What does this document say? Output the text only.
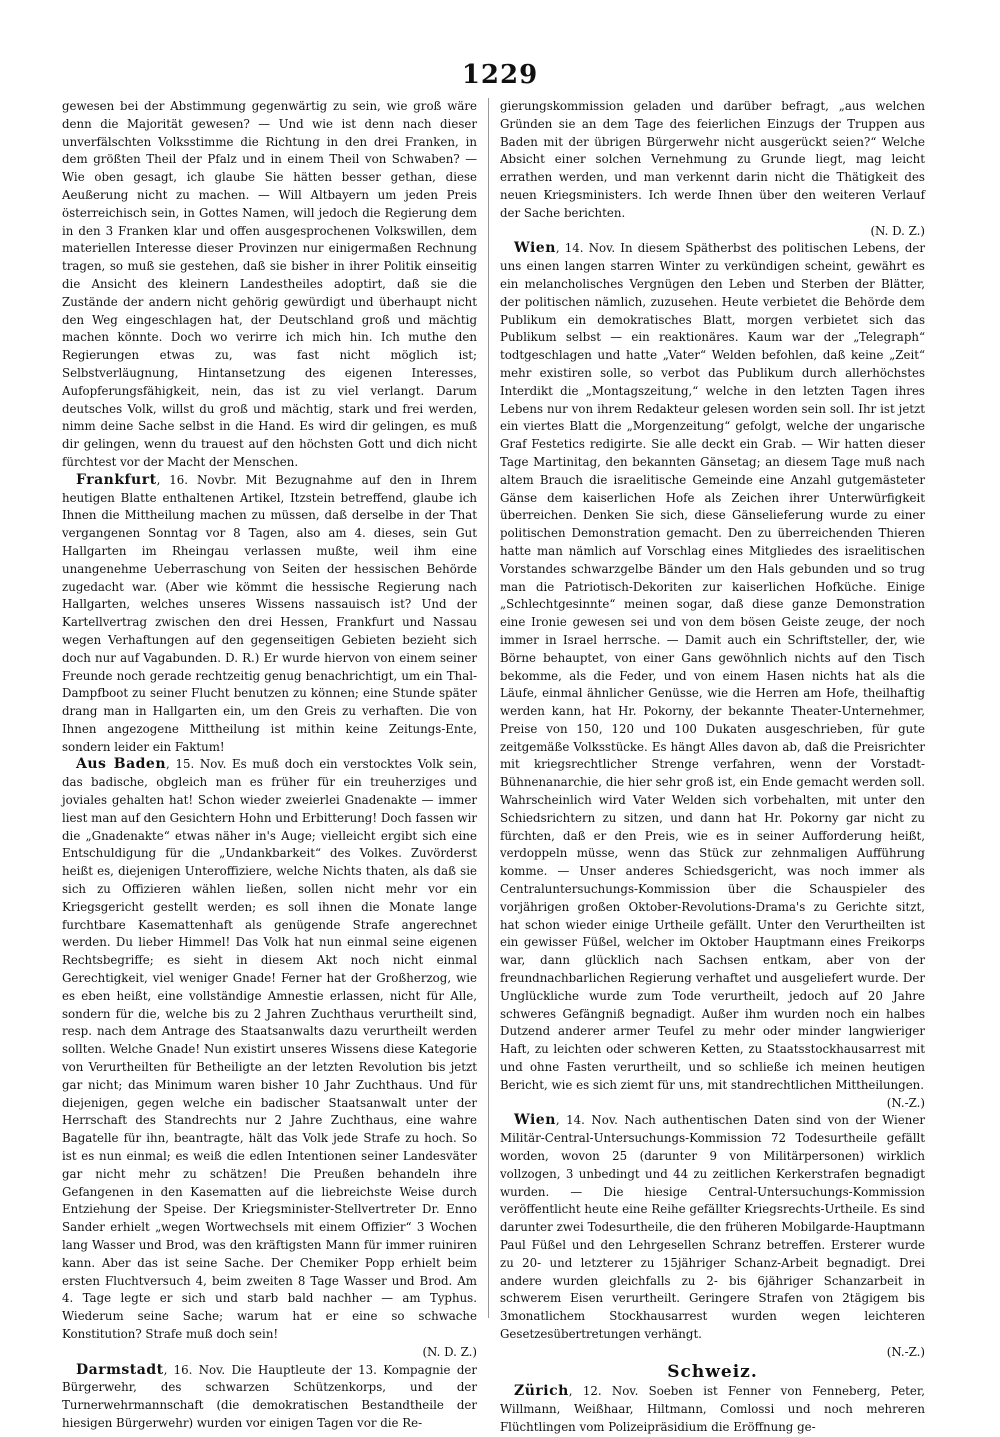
1229

gewesen bei der Abstimmung gegenwärtig zu sein, wie groß wäre denn die Majorität gewesen? — Und wie ist denn nach dieser unverfälschten Volksstimme die Richtung in den drei Franken, in dem größten Theil der Pfalz und in einem Theil von Schwaben? — Wie oben gesagt, ich glaube Sie hätten besser gethan, diese Aeußerung nicht zu machen. — Will Altbayern um jeden Preis österreichisch sein, in Gottes Namen, will jedoch die Regierung dem in den 3 Franken klar und offen ausgesprochenen Volkswillen, dem materiellen Interesse dieser Provinzen nur einigermaßen Rechnung tragen, so muß sie gestehen, daß sie bisher in ihrer Politik einseitig die Ansicht des kleinern Landestheiles adoptirt, daß sie die Zustände der andern nicht gehörig gewürdigt und überhaupt nicht den Weg eingeschlagen hat, der Deutschland groß und mächtig machen könnte. Doch wo verirre ich mich hin. Ich muthe den Regierungen etwas zu, was fast nicht möglich ist; Selbstverläugnung, Hintansetzung des eigenen Interesses, Aufopferungsfähigkeit, nein, das ist zu viel verlangt. Darum deutsches Volk, willst du groß und mächtig, stark und frei werden, nimm deine Sache selbst in die Hand. Es wird dir gelingen, es muß dir gelingen, wenn du trauest auf den höchsten Gott und dich nicht fürchtest vor der Macht der Menschen.

Frankfurt, 16. Novbr. Mit Bezugnahme auf den in Ihrem heutigen Blatte enthaltenen Artikel, Itzstein betreffend, glaube ich Ihnen die Mittheilung machen zu müssen, daß derselbe in der That vergangenen Sonntag vor 8 Tagen, also am 4. dieses, sein Gut Hallgarten im Rheingau verlassen mußte, weil ihm eine unangenehme Ueberraschung von Seiten der hessischen Behörde zugedacht war. (Aber wie kömmt die hessische Regierung nach Hallgarten, welches unseres Wissens nassauisch ist? Und der Kartellvertrag zwischen den drei Hessen, Frankfurt und Nassau wegen Verhaftungen auf den gegenseitigen Gebieten bezieht sich doch nur auf Vagabunden. D. R.) Er wurde hiervon von einem seiner Freunde noch gerade rechtzeitig genug benachrichtigt, um ein Thal-Dampfboot zu seiner Flucht benutzen zu können; eine Stunde später drang man in Hallgarten ein, um den Greis zu verhaften. Die von Ihnen angezogene Mittheilung ist mithin keine Zeitungs-Ente, sondern leider ein Faktum!

Aus Baden, 15. Nov. Es muß doch ein verstocktes Volk sein, das badische, obgleich man es früher für ein treuherziges und joviales gehalten hat! Schon wieder zweierlei Gnadenakte — immer liest man auf den Gesichtern Hohn und Erbitterung! Doch fassen wir die „Gnadenakte“ etwas näher in's Auge; vielleicht ergibt sich eine Entschuldigung für die „Undankbarkeit“ des Volkes. Zuvörderst heißt es, diejenigen Unteroffiziere, welche Nichts thaten, als daß sie sich zu Offizieren wählen ließen, sollen nicht mehr vor ein Kriegsgericht gestellt werden; es soll ihnen die Monate lange furchtbare Kasemattenhaft als genügende Strafe angerechnet werden. Du lieber Himmel! Das Volk hat nun einmal seine eigenen Rechtsbegriffe; es sieht in diesem Akt noch nicht einmal Gerechtigkeit, viel weniger Gnade! Ferner hat der Großherzog, wie es eben heißt, eine vollständige Amnestie erlassen, nicht für Alle, sondern für die, welche bis zu 2 Jahren Zuchthaus verurtheilt sind, resp. nach dem Antrage des Staatsanwalts dazu verurtheilt werden sollten. Welche Gnade! Nun existirt unseres Wissens diese Kategorie von Verurtheilten für Betheiligte an der letzten Revolution bis jetzt gar nicht; das Minimum waren bisher 10 Jahr Zuchthaus. Und für diejenigen, gegen welche ein badischer Staatsanwalt unter der Herrschaft des Standrechts nur 2 Jahre Zuchthaus, eine wahre Bagatelle für ihn, beantragte, hält das Volk jede Strafe zu hoch. So ist es nun einmal; es weiß die edlen Intentionen seiner Landesväter gar nicht mehr zu schätzen! Die Preußen behandeln ihre Gefangenen in den Kasematten auf die liebreichste Weise durch Entziehung der Speise. Der Kriegsminister-Stellvertreter Dr. Enno Sander erhielt „wegen Wortwechsels mit einem Offizier“ 3 Wochen lang Wasser und Brod, was den kräftigsten Mann für immer ruiniren kann. Aber das ist seine Sache. Der Chemiker Popp erhielt beim ersten Fluchtversuch 4, beim zweiten 8 Tage Wasser und Brod. Am 4. Tage legte er sich und starb bald nachher — am Typhus. Wiederum seine Sache; warum hat er eine so schwache Konstitution? Strafe muß doch sein!
(N. D. Z.)

Darmstadt, 16. Nov. Die Hauptleute der 13. Kompagnie der Bürgerwehr, des schwarzen Schützenkorps, und der Turnerwehrmannschaft (die demokratischen Bestandtheile der hiesigen Bürgerwehr) wurden vor einigen Tagen vor die Re-

gierungskommission geladen und darüber befragt, „aus welchen Gründen sie an dem Tage des feierlichen Einzugs der Truppen aus Baden mit der übrigen Bürgerwehr nicht ausgerückt seien?“ Welche Absicht einer solchen Vernehmung zu Grunde liegt, mag leicht errathen werden, und man verkennt darin nicht die Thätigkeit des neuen Kriegsministers. Ich werde Ihnen über den weiteren Verlauf der Sache berichten.
(N. D. Z.)

Wien, 14. Nov. In diesem Spätherbst des politischen Lebens, der uns einen langen starren Winter zu verkündigen scheint, gewährt es ein melancholisches Vergnügen den Leben und Sterben der Blätter, der politischen nämlich, zuzusehen. Heute verbietet die Behörde dem Publikum ein demokratisches Blatt, morgen verbietet sich das Publikum selbst — ein reaktionäres. Kaum war der „Telegraph“ todtgeschlagen und hatte „Vater“ Welden befohlen, daß keine „Zeit“ mehr existiren solle, so verbot das Publikum durch allerhöchstes Interdikt die „Montagszeitung,“ welche in den letzten Tagen ihres Lebens nur von ihrem Redakteur gelesen worden sein soll. Ihr ist jetzt ein viertes Blatt die „Morgenzeitung“ gefolgt, welche der ungarische Graf Festetics redigirte. Sie alle deckt ein Grab. — Wir hatten dieser Tage Martinitag, den bekannten Gänsetag; an diesem Tage muß nach altem Brauch die israelitische Gemeinde eine Anzahl gutgemästeter Gänse dem kaiserlichen Hofe als Zeichen ihrer Unterwürfigkeit überreichen. Denken Sie sich, diese Gänselieferung wurde zu einer politischen Demonstration gemacht. Den zu überreichenden Thieren hatte man nämlich auf Vorschlag eines Mitgliedes des israelitischen Vorstandes schwarzgelbe Bänder um den Hals gebunden und so trug man die Patriotisch-Dekoriten zur kaiserlichen Hofküche. Einige „Schlechtgesinnte“ meinen sogar, daß diese ganze Demonstration eine Ironie gewesen sei und von dem bösen Geiste zeuge, der noch immer in Israel herrsche. — Damit auch ein Schriftsteller, der, wie Börne behauptet, von einer Gans gewöhnlich nichts auf den Tisch bekomme, als die Feder, und von einem Hasen nichts hat als die Läufe, einmal ähnlicher Genüsse, wie die Herren am Hofe, theilhaftig werden kann, hat Hr. Pokorny, der bekannte Theater-Unternehmer, Preise von 150, 120 und 100 Dukaten ausgeschrieben, für gute zeitgemäße Volksstücke. Es hängt Alles davon ab, daß die Preisrichter mit kriegsrechtlicher Strenge verfahren, wenn der Vorstadt-Bühnenanarchie, die hier sehr groß ist, ein Ende gemacht werden soll. Wahrscheinlich wird Vater Welden sich vorbehalten, mit unter den Schiedsrichtern zu sitzen, und dann hat Hr. Pokorny gar nicht zu fürchten, daß er den Preis, wie es in seiner Aufforderung heißt, verdoppeln müsse, wenn das Stück zur zehnmaligen Aufführung komme. — Unser anderes Schiedsgericht, was noch immer als Centraluntersuchungs-Kommission über die Schauspieler des vorjährigen großen Oktober-Revolutions-Drama's zu Gerichte sitzt, hat schon wieder einige Urtheile gefällt. Unter den Verurtheilten ist ein gewisser Füßel, welcher im Oktober Hauptmann eines Freikorps war, dann glücklich nach Sachsen entkam, aber von der freundnachbarlichen Regierung verhaftet und ausgeliefert wurde. Der Unglückliche wurde zum Tode verurtheilt, jedoch auf 20 Jahre schweres Gefängniß begnadigt. Außer ihm wurden noch ein halbes Dutzend anderer armer Teufel zu mehr oder minder langwieriger Haft, zu leichten oder schweren Ketten, zu Staatsstockhausarrest mit und ohne Fasten verurtheilt, und so schließe ich meinen heutigen Bericht, wie es sich ziemt für uns, mit standrechtlichen Mittheilungen.
(N.-Z.)

Wien, 14. Nov. Nach authentischen Daten sind von der Wiener Militär-Central-Untersuchungs-Kommission 72 Todesurtheile gefällt worden, wovon 25 (darunter 9 von Militärpersonen) wirklich vollzogen, 3 unbedingt und 44 zu zeitlichen Kerkerstrafen begnadigt wurden. — Die hiesige Central-Untersuchungs-Kommission veröffentlicht heute eine Reihe gefällter Kriegsrechts-Urtheile. Es sind darunter zwei Todesurtheile, die den früheren Mobilgarde-Hauptmann Paul Füßel und den Lehrgesellen Schranz betreffen. Ersterer wurde zu 20- und letzterer zu 15jähriger Schanz-Arbeit begnadigt. Drei andere wurden gleichfalls zu 2- bis 6jähriger Schanzarbeit in schwerem Eisen verurtheilt. Geringere Strafen von 2tägigem bis 3monatlichem Stockhausarrest wurden wegen leichteren Gesetzesübertretungen verhängt.
(N.-Z.)

Schweiz.

Zürich, 12. Nov. Soeben ist Fenner von Fenneberg, Peter, Willmann, Weißhaar, Hiltmann, Comlossi und noch mehreren Flüchtlingen vom Polizeipräsidium die Eröffnung ge-
